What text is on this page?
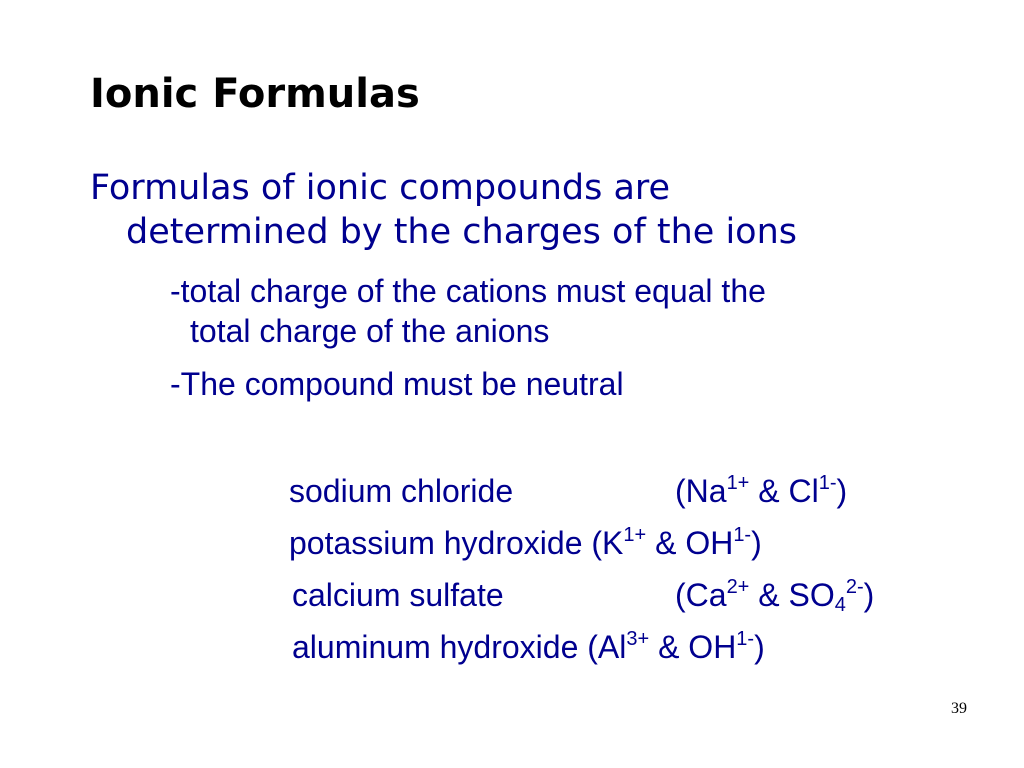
Ionic Formulas
Formulas of ionic compounds are
determined by the charges of the ions
-total charge of the cations must equal the
total charge of the anions
-The compound must be neutral
sodium chloride	($Na^{1+}$ & $Cl^{1-}$)
potassium hydroxide ($K^{1+}$ & $OH^{1-}$)
calcium sulfate	($Ca^{2+}$ & $SO4^{2-}$)
aluminum hydroxide ($Al^{3+}$ & $OH^{1-}$)
39
